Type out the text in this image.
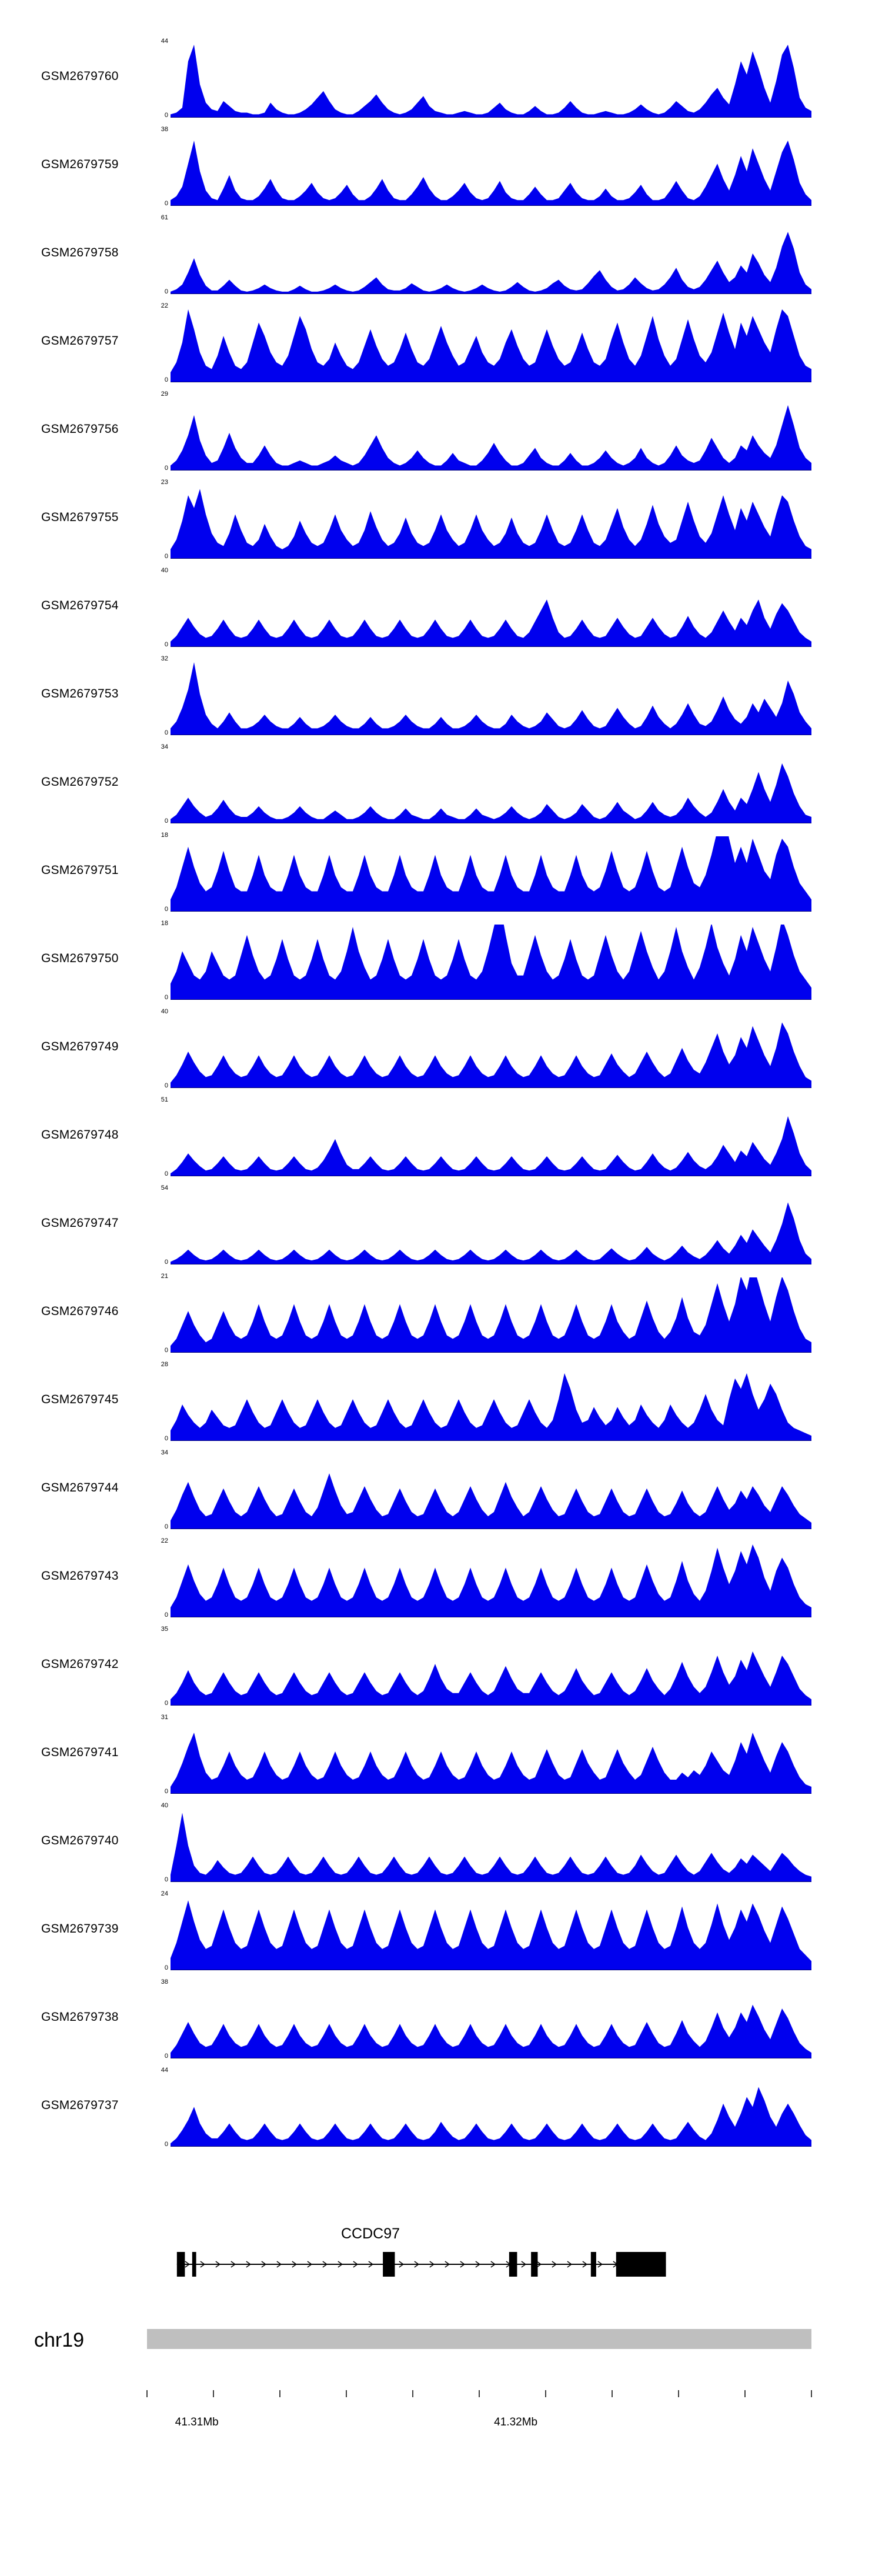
GSM2679760
44
0
GSM2679759
38
0
GSM2679758
61
0
GSM2679757
22
0
GSM2679756
29
0
GSM2679755
23
0
GSM2679754
40
0
GSM2679753
32
0
GSM2679752
34
0
GSM2679751
18
0
GSM2679750
18
0
GSM2679749
40
0
GSM2679748
51
0
GSM2679747
54
0
GSM2679746
21
0
GSM2679745
28
0
GSM2679744
34
0
GSM2679743
22
0
GSM2679742
35
0
GSM2679741
31
0
GSM2679740
40
0
GSM2679739
24
0
GSM2679738
38
0
GSM2679737
44
0
CCDC97
chr19
41.31Mb	41.32Mb
